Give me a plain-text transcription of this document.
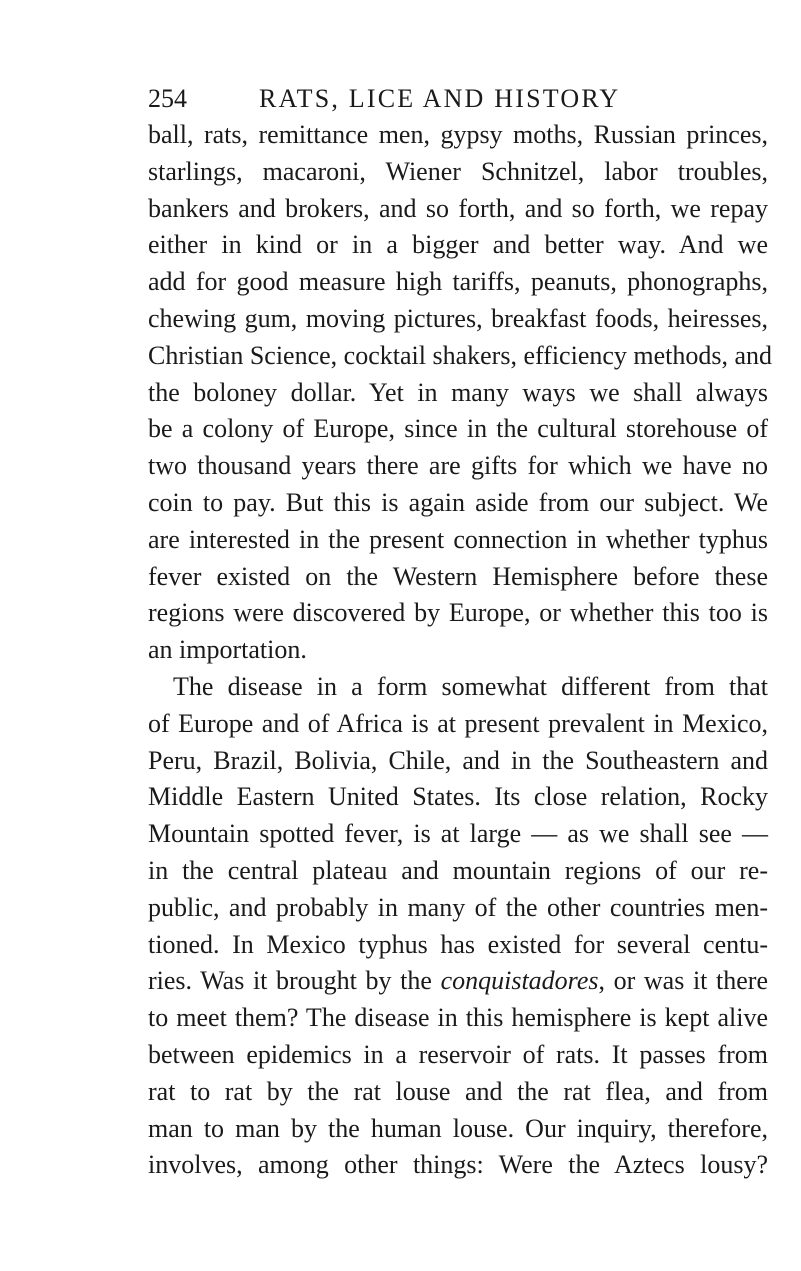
254	RATS, LICE AND HISTORY
ball, rats, remittance men, gypsy moths, Russian princes,
starlings, macaroni, Wiener Schnitzel, labor troubles,
bankers and brokers, and so forth, and so forth, we repay
either in kind or in a bigger and better way. And we
add for good measure high tariffs, peanuts, phonographs,
chewing gum, moving pictures, breakfast foods, heiresses,
Christian Science, cocktail shakers, efficiency methods, and
the boloney dollar. Yet in many ways we shall always
be a colony of Europe, since in the cultural storehouse of
two thousand years there are gifts for which we have no
coin to pay. But this is again aside from our subject. We
are interested in the present connection in whether typhus
fever existed on the Western Hemisphere before these
regions were discovered by Europe, or whether this too is
an importation.
The disease in a form somewhat different from that
of Europe and of Africa is at present prevalent in Mexico,
Peru, Brazil, Bolivia, Chile, and in the Southeastern and
Middle Eastern United States. Its close relation, Rocky
Mountain spotted fever, is at large — as we shall see —
in the central plateau and mountain regions of our re-
public, and probably in many of the other countries men-
tioned. In Mexico typhus has existed for several centu-
ries. Was it brought by the conquistadores, or was it there
to meet them? The disease in this hemisphere is kept alive
between epidemics in a reservoir of rats. It passes from
rat to rat by the rat louse and the rat flea, and from
man to man by the human louse. Our inquiry, therefore,
involves, among other things: Were the Aztecs lousy?
